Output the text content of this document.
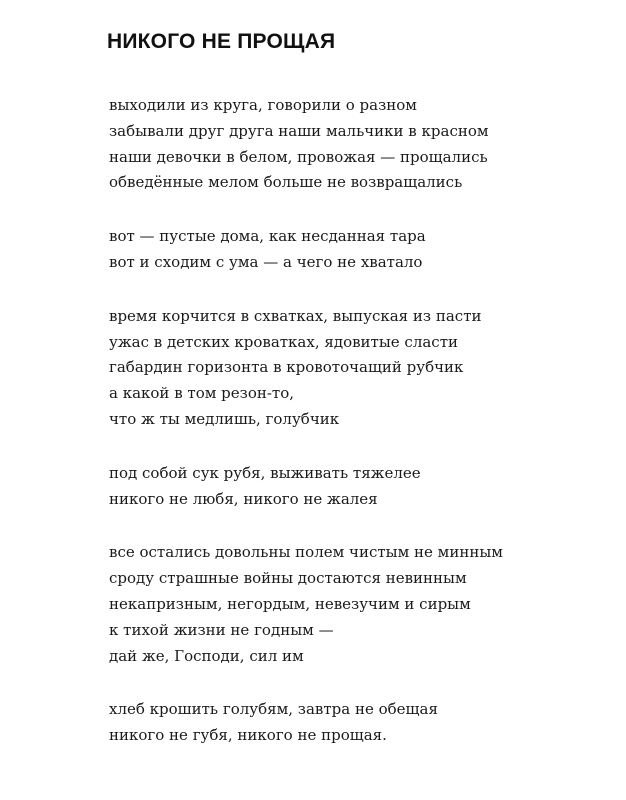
НИКОГО НЕ ПРОЩАЯ
выходили из круга, говорили о разном
забывали друг друга наши мальчики в красном
наши девочки в белом, провожая — прощались
обведённые мелом больше не возвращались
вот — пустые дома, как несданная тара
вот и сходим с ума — а чего не хватало
время корчится в схватках, выпуская из пасти
ужас в детских кроватках, ядовитые сласти
габардин горизонта в кровоточащий рубчик
а какой в том резон-то,
что ж ты медлишь, голубчик
под собой сук рубя, выживать тяжелее
никого не любя, никого не жалея
все остались довольны полем чистым не минным
сроду страшные войны достаются невинным
некапризным, негордым, невезучим и сирым
к тихой жизни не годным —
дай же, Господи, сил им
хлеб крошить голубям, завтра не обещая
никого не губя, никого не прощая.
